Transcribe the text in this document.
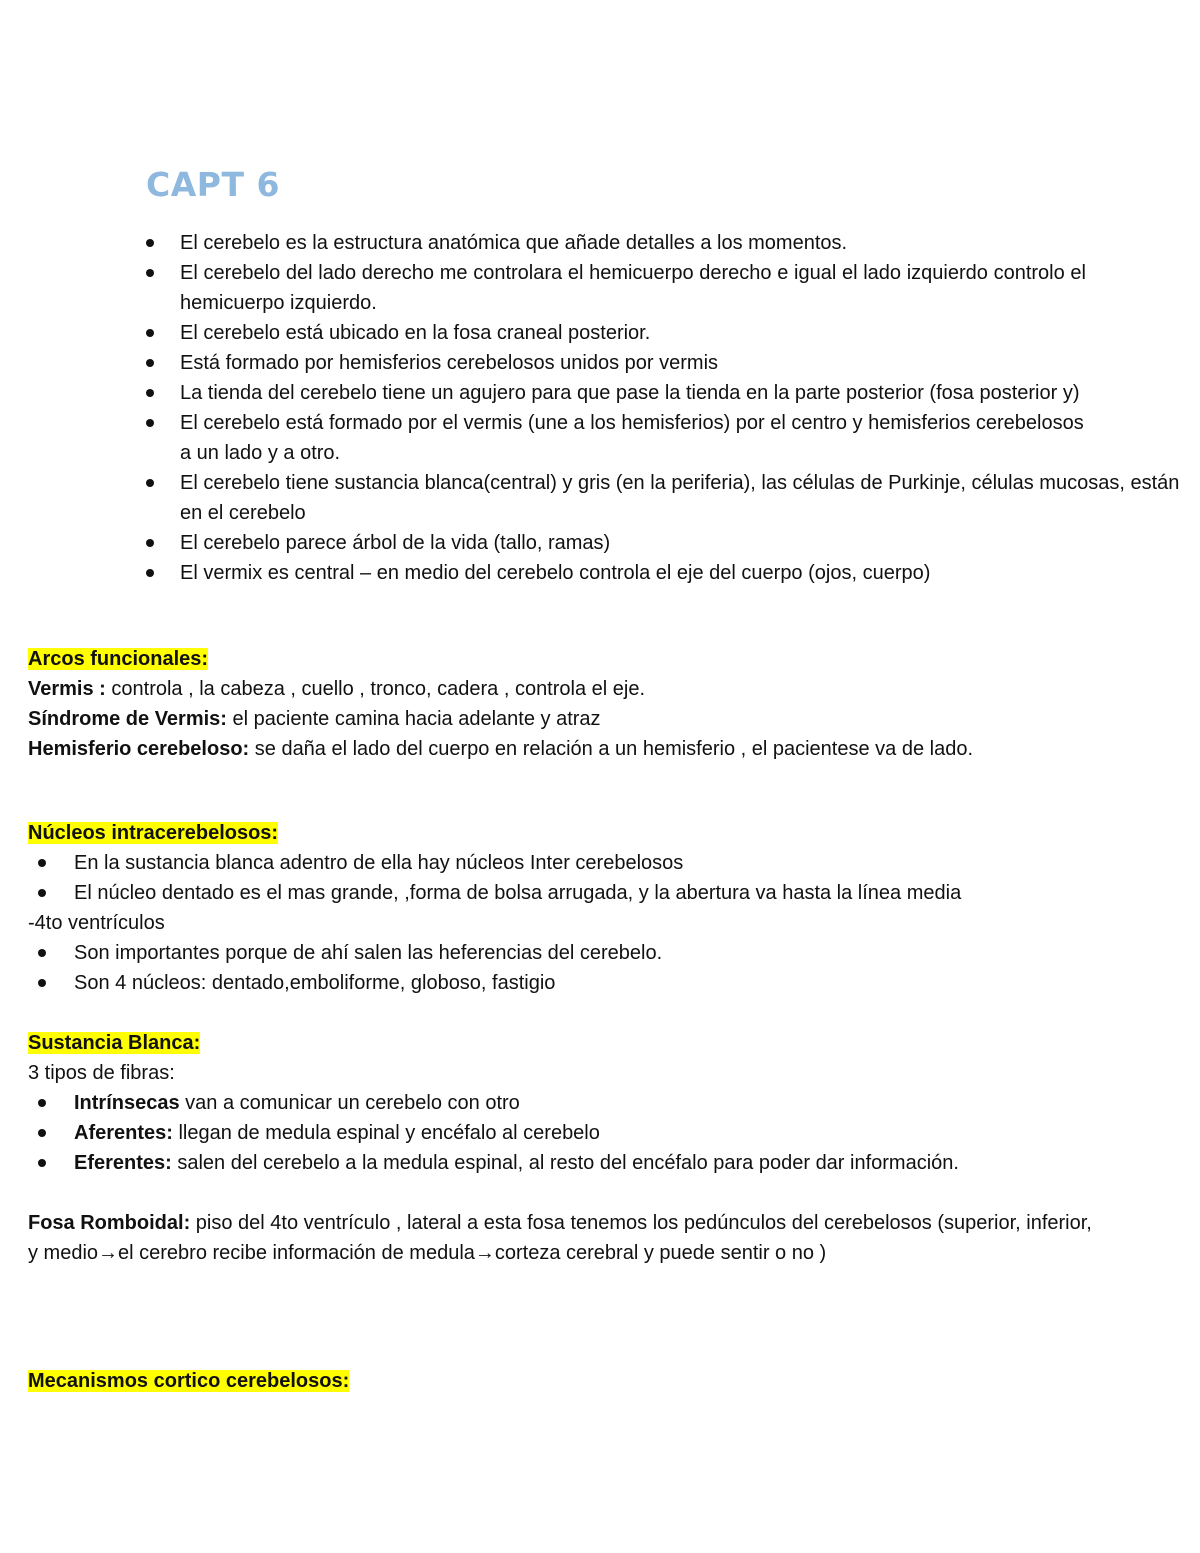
CAPT 6
El cerebelo es la estructura anatómica que añade detalles a los momentos.
El cerebelo del lado derecho me controlara el hemicuerpo derecho e igual el lado izquierdo controlo el hemicuerpo izquierdo.
El cerebelo está ubicado en la fosa craneal posterior.
Está formado por hemisferios cerebelosos unidos por vermis
La tienda del cerebelo tiene un agujero para que pase la tienda en la parte posterior (fosa posterior y)
El cerebelo está formado por el vermis (une a los hemisferios) por el centro y hemisferios cerebelosos a un lado y a otro.
El cerebelo tiene sustancia blanca(central) y gris (en la periferia), las células de Purkinje, células mucosas, están en el cerebelo
El cerebelo parece árbol de la vida (tallo, ramas)
El vermix es central – en medio del cerebelo controla el eje del cuerpo (ojos, cuerpo)

Arcos funcionales:

Vermis : controla , la cabeza , cuello , tronco, cadera , controla el eje.

Síndrome de Vermis: el paciente camina hacia adelante y atraz

Hemisferio cerebeloso: se daña el lado del cuerpo en relación a un hemisferio , el pacientese va de lado.

Núcleos intracerebelosos:

En la sustancia blanca adentro de ella hay núcleos Inter cerebelosos
El núcleo dentado es el mas grande, ,forma de bolsa arrugada, y la abertura va hasta la línea media

-4to ventrículos

Son importantes porque de ahí salen las heferencias del cerebelo.
Son 4 núcleos: dentado,emboliforme, globoso, fastigio

Sustancia Blanca:

3 tipos de fibras:

Intrínsecas van a comunicar un cerebelo con otro
Aferentes: llegan de medula espinal y encéfalo al cerebelo
Eferentes: salen del cerebelo a la medula espinal, al resto del encéfalo para poder dar información.

Fosa Romboidal: piso del 4to ventrículo , lateral a esta fosa tenemos los pedúnculos del cerebelosos (superior, inferior, y medio→el cerebro recibe información de medula→corteza cerebral y puede sentir o no )

Mecanismos cortico cerebelosos:
